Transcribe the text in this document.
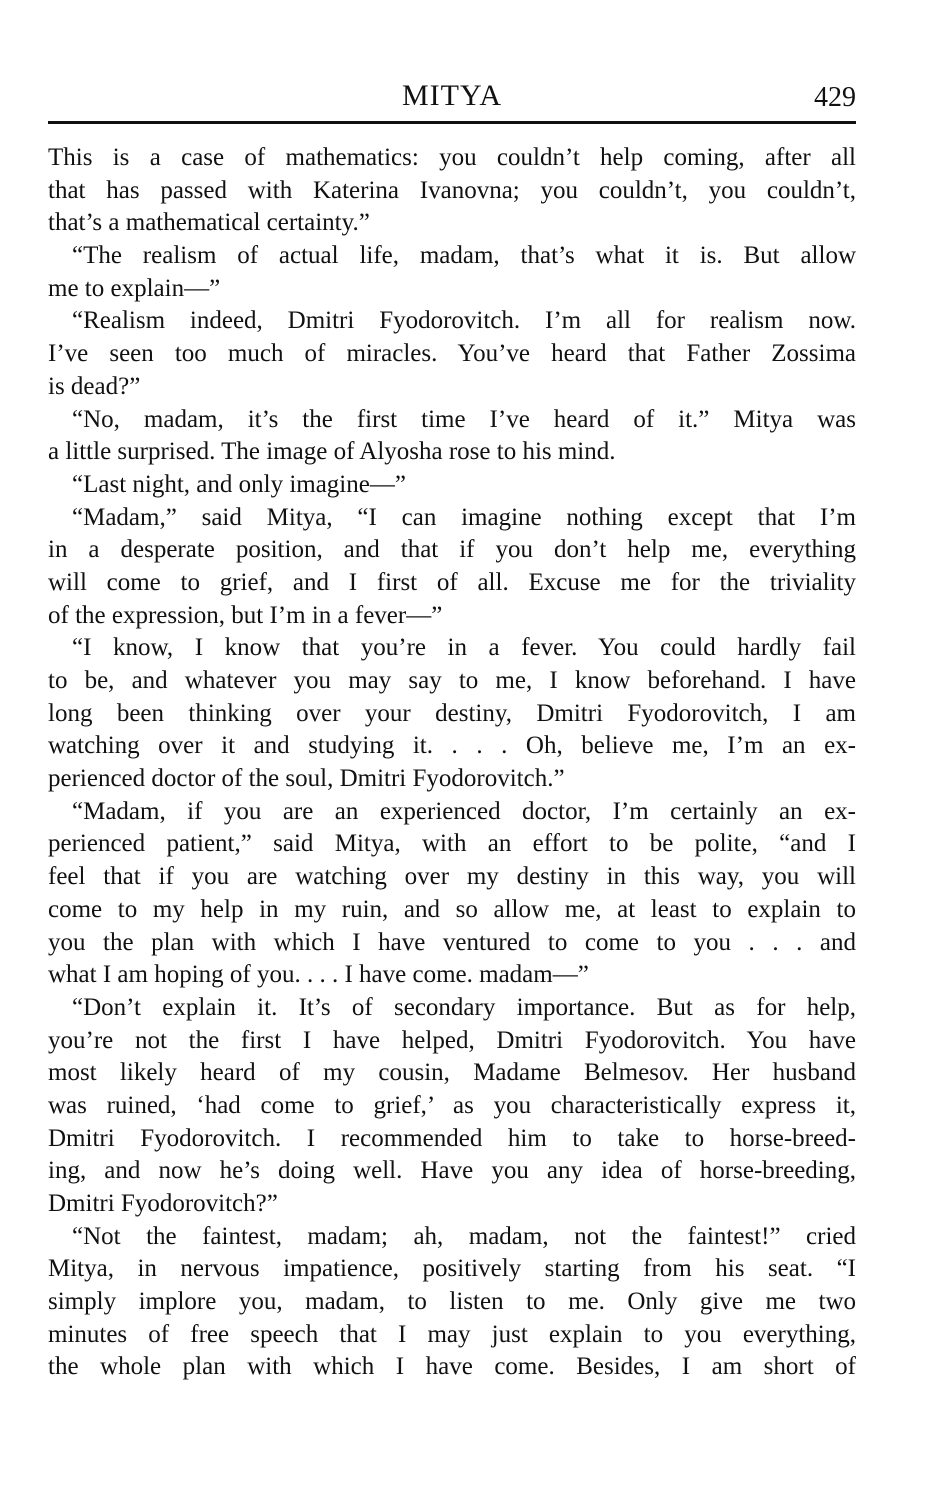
MITYA	429
This is a case of mathematics: you couldn’t help coming, after all
that has passed with Katerina Ivanovna; you couldn’t, you couldn’t,
that’s a mathematical certainty.”
“The realism of actual life, madam, that’s what it is. But allow
me to explain—”
“Realism indeed, Dmitri Fyodorovitch. I’m all for realism now.
I’ve seen too much of miracles. You’ve heard that Father Zossima
is dead?”
“No, madam, it’s the first time I’ve heard of it.” Mitya was
a little surprised. The image of Alyosha rose to his mind.
“Last night, and only imagine—”
“Madam,” said Mitya, “I can imagine nothing except that I’m
in a desperate position, and that if you don’t help me, everything
will come to grief, and I first of all. Excuse me for the triviality
of the expression, but I’m in a fever—”
“I know, I know that you’re in a fever. You could hardly fail
to be, and whatever you may say to me, I know beforehand. I have
long been thinking over your destiny, Dmitri Fyodorovitch, I am
watching over it and studying it. . . . Oh, believe me, I’m an ex-
perienced doctor of the soul, Dmitri Fyodorovitch.”
“Madam, if you are an experienced doctor, I’m certainly an ex-
perienced patient,” said Mitya, with an effort to be polite, “and I
feel that if you are watching over my destiny in this way, you will
come to my help in my ruin, and so allow me, at least to explain to
you the plan with which I have ventured to come to you . . . and
what I am hoping of you. . . . I have come. madam—”
“Don’t explain it. It’s of secondary importance. But as for help,
you’re not the first I have helped, Dmitri Fyodorovitch. You have
most likely heard of my cousin, Madame Belmesov. Her husband
was ruined, ‘had come to grief,’ as you characteristically express it,
Dmitri Fyodorovitch. I recommended him to take to horse-breed-
ing, and now he’s doing well. Have you any idea of horse-breeding,
Dmitri Fyodorovitch?”
“Not the faintest, madam; ah, madam, not the faintest!” cried
Mitya, in nervous impatience, positively starting from his seat. “I
simply implore you, madam, to listen to me. Only give me two
minutes of free speech that I may just explain to you everything,
the whole plan with which I have come. Besides, I am short of
